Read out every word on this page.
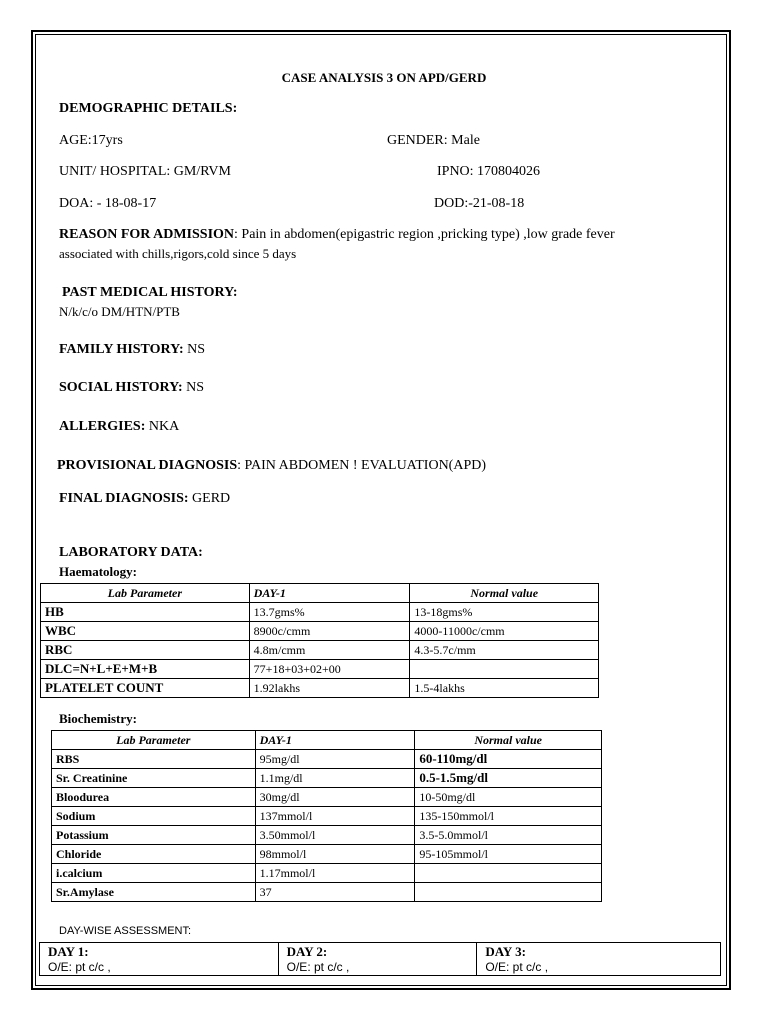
CASE ANALYSIS 3 ON APD/GERD
DEMOGRAPHIC DETAILS:
AGE:17yrs	GENDER: Male
UNIT/ HOSPITAL: GM/RVM	IPNO: 170804026
DOA: - 18-08-17	DOD:-21-08-18
REASON FOR ADMISSION: Pain in abdomen(epigastric region ,pricking type) ,low grade fever
associated with chills,rigors,cold since 5 days
PAST MEDICAL HISTORY:
N/k/c/o DM/HTN/PTB
FAMILY HISTORY: NS
SOCIAL HISTORY: NS
ALLERGIES: NKA
PROVISIONAL DIAGNOSIS: PAIN ABDOMEN ! EVALUATION(APD)
FINAL DIAGNOSIS: GERD
LABORATORY DATA:
Haematology:
Lab Parameter	DAY-1	Normal value
HB	13.7gms%	13-18gms%
WBC	8900c/cmm	4000-11000c/cmm
RBC	4.8m/cmm	4.3-5.7c/mm
DLC=N+L+E+M+B	77+18+03+02+00	
PLATELET COUNT	1.92lakhs	1.5-4lakhs
Biochemistry:
Lab Parameter	DAY-1	Normal value
RBS	95mg/dl	60-110mg/dl
Sr. Creatinine	1.1mg/dl	0.5-1.5mg/dl
Bloodurea	30mg/dl	10-50mg/dl
Sodium	137mmol/l	135-150mmol/l
Potassium	3.50mmol/l	3.5-5.0mmol/l
Chloride	98mmol/l	95-105mmol/l
i.calcium	1.17mmol/l	
Sr.Amylase	37	
DAY-WISE ASSESSMENT:
DAY 1:
O/E: pt c/c ,

DAY 2:
O/E: pt c/c ,

DAY 3:
O/E: pt c/c ,
